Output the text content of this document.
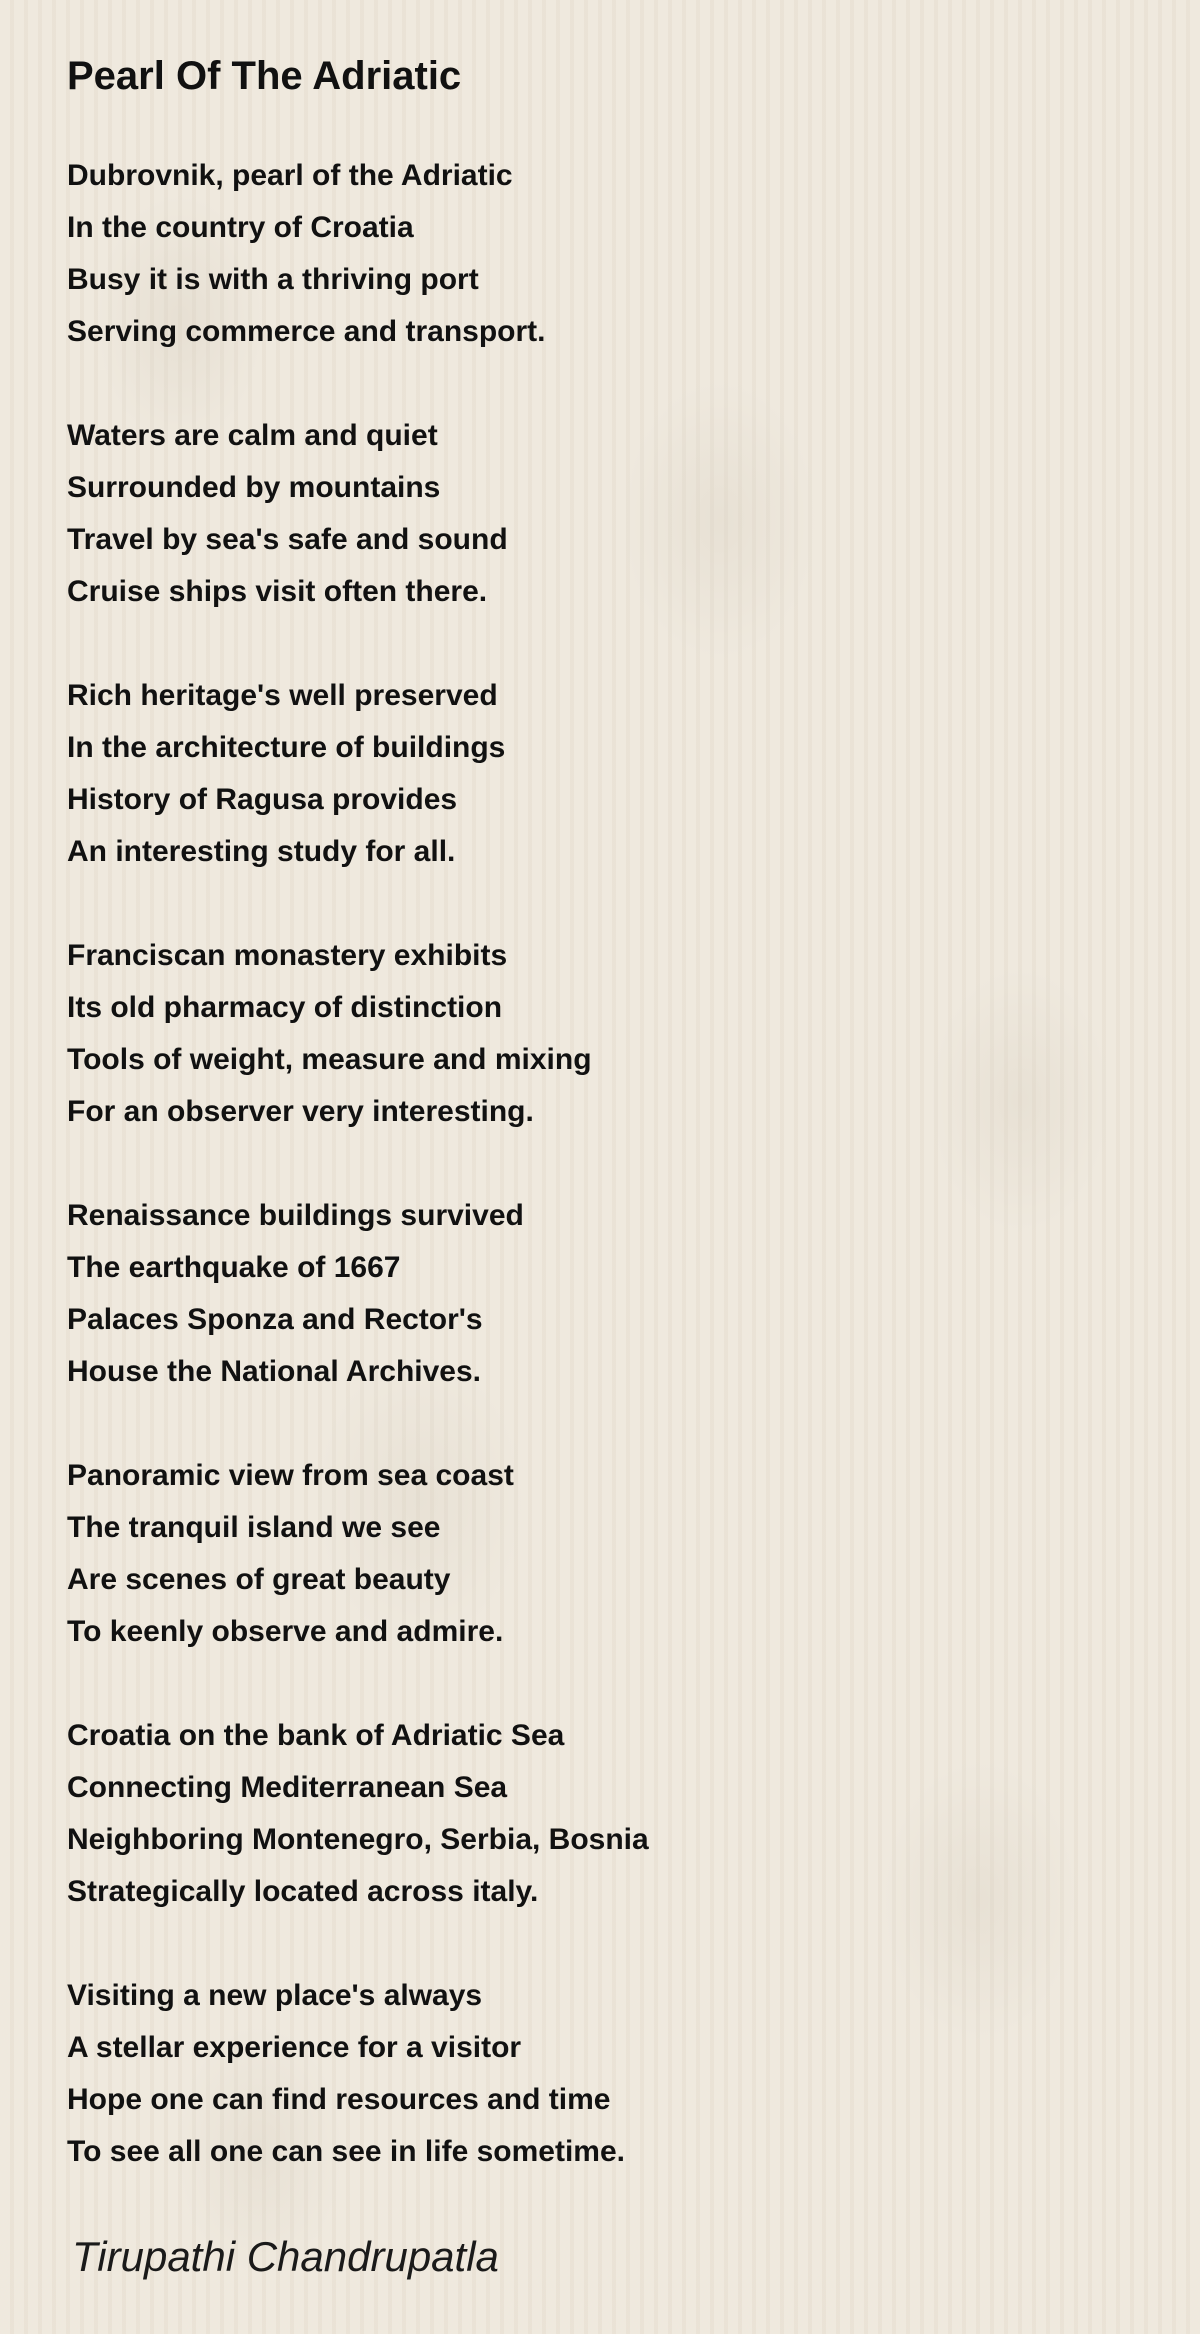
Pearl Of The Adriatic
Dubrovnik, pearl of the Adriatic
In the country of Croatia
Busy it is with a thriving port
Serving commerce and transport.
Waters are calm and quiet
Surrounded by mountains
Travel by sea's safe and sound
Cruise ships visit often there.
Rich heritage's well preserved
In the architecture of buildings
History of Ragusa provides
An interesting study for all.
Franciscan monastery exhibits
Its old pharmacy of distinction
Tools of weight, measure and mixing
For an observer very interesting.
Renaissance buildings survived
The earthquake of 1667
Palaces Sponza and Rector's
House the National Archives.
Panoramic view from sea coast
The tranquil island we see
Are scenes of great beauty
To keenly observe and admire.
Croatia on the bank of Adriatic Sea
Connecting Mediterranean Sea
Neighboring Montenegro, Serbia, Bosnia
Strategically located across italy.
Visiting a new place's always
A stellar experience for a visitor
Hope one can find resources and time
To see all one can see in life sometime.
Tirupathi Chandrupatla
